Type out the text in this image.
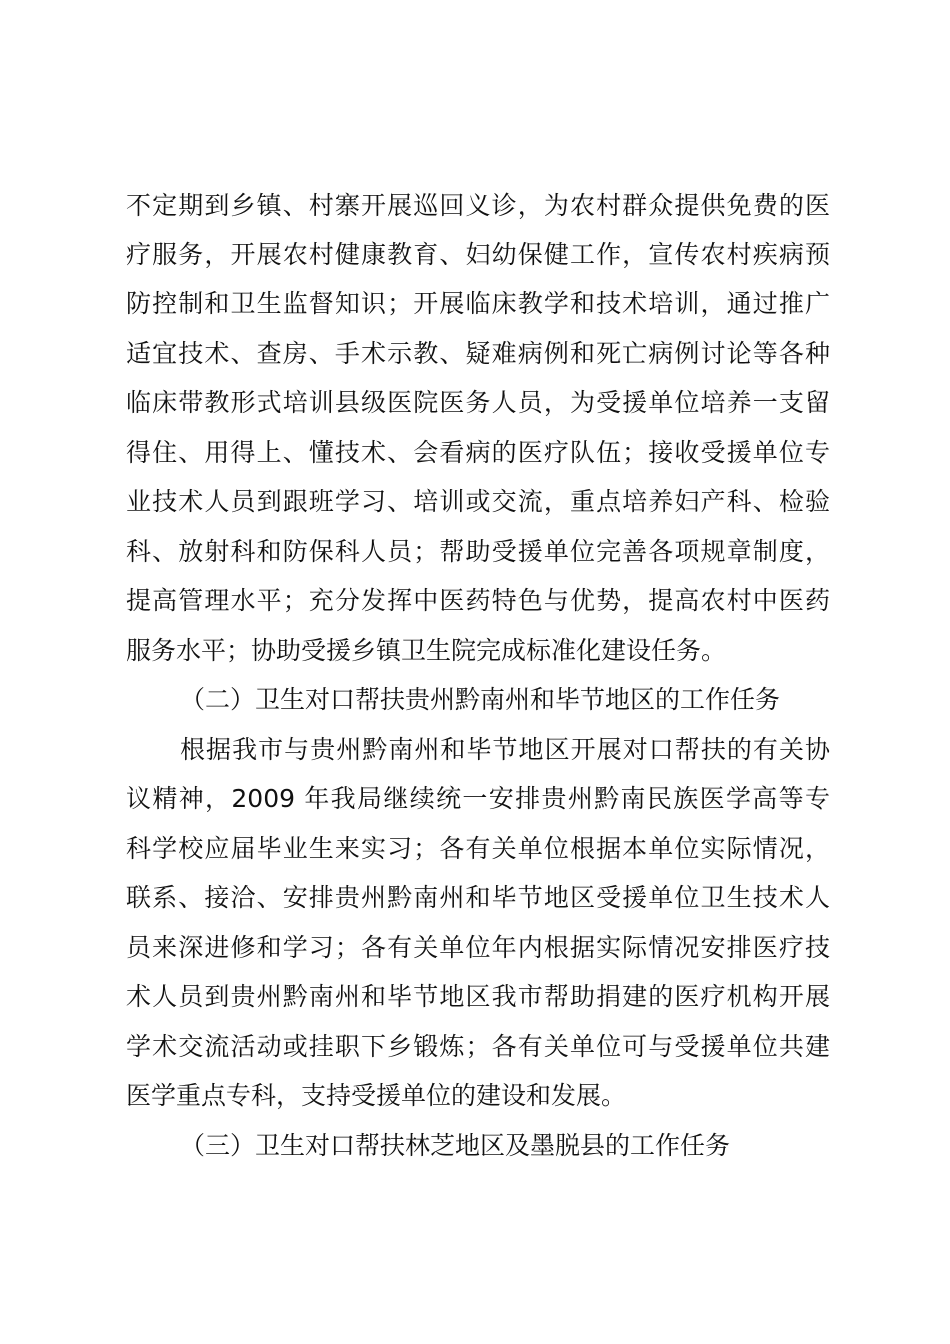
不定期到乡镇、村寨开展巡回义诊，为农村群众提供免费的医
疗服务，开展农村健康教育、妇幼保健工作，宣传农村疾病预
防控制和卫生监督知识；开展临床教学和技术培训，通过推广
适宜技术、查房、手术示教、疑难病例和死亡病例讨论等各种
临床带教形式培训县级医院医务人员，为受援单位培养一支留
得住、用得上、懂技术、会看病的医疗队伍；接收受援单位专
业技术人员到跟班学习、培训或交流，重点培养妇产科、检验
科、放射科和防保科人员；帮助受援单位完善各项规章制度，
提高管理水平；充分发挥中医药特色与优势，提高农村中医药
服务水平；协助受援乡镇卫生院完成标准化建设任务。
（二）卫生对口帮扶贵州黔南州和毕节地区的工作任务
根据我市与贵州黔南州和毕节地区开展对口帮扶的有关协
议精神，2009 年我局继续统一安排贵州黔南民族医学高等专
科学校应届毕业生来实习；各有关单位根据本单位实际情况，
联系、接洽、安排贵州黔南州和毕节地区受援单位卫生技术人
员来深进修和学习；各有关单位年内根据实际情况安排医疗技
术人员到贵州黔南州和毕节地区我市帮助捐建的医疗机构开展
学术交流活动或挂职下乡锻炼；各有关单位可与受援单位共建
医学重点专科，支持受援单位的建设和发展。
（三）卫生对口帮扶林芝地区及墨脱县的工作任务
